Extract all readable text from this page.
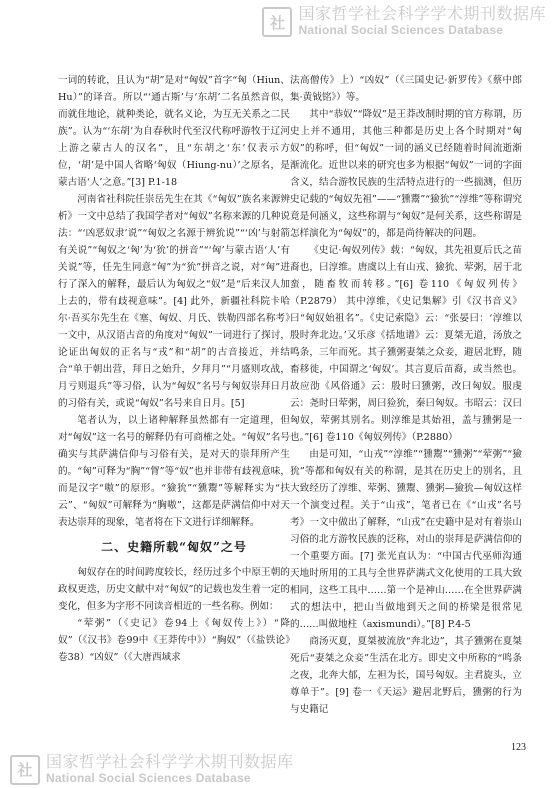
社
国家哲学社会科学学术期刊数据库
National Social Sciences Database

一词的转讹，且认为“胡”是对“匈奴”首字“匈（Hiun、Hu）”的译音。所以“‘通古斯’与‘东胡’二名虽然音似，而就住地论，就种类论，就名义论，为互无关系之二民族”。认为“‘东胡’为自春秋时代至汉代称呼游牧于辽河上游之蒙古人的汉名”，且“东胡之‘东’仅表示方位，‘胡’是中国人省略‘匈奴（Hiung-nu）’之原名，是蒙古语‘人’之意。”[3] P.1-18

河南省社科院任崇岳先生在其《“匈奴”族名来源辨析》一文中总结了我国学者对“匈奴”名称来源的几种说法：“‘凶恶奴隶’说”“匈奴之名源于辨狁说”“‘凶’与射箭有关说”“匈奴之‘匈’为‘狁’的拼音”“‘匈’与蒙古语‘人’有关说”等，任先生同意“匈”为“狁”拼音之说，对“匈”进行了深入的解释，最后认为匈奴之“奴”是“后来汉人加上去的，带有歧视意味”。[4] 此外，新疆社科院卡哈尔·吾买尔先生在《塞、匈奴、月氏、铁勒四部名称考》一文中，从汉语古音的角度对“匈奴”一词进行了探讨，论证出匈奴的正名与“戎”和“胡”的古音接近，并结合“单于朝出营，拜日之始升，夕拜月”“月盛则攻战，月亏则退兵”等习俗，认为“匈奴”名号与匈奴崇拜日月的习俗有关，或说“匈奴”名号来自日月。[5]

笔者认为，以上诸种解释虽然都有一定道理，但对“匈奴”这一名号的解释仍有可商榷之处。“匈奴”名号确实与其萨满信仰与习俗有关，是对天的崇拜所产生的。“匈”可释为“胸”“胷”等“奴”也并非带有歧视意味，而是汉字“嗷”的原形。“獫狁”“獯鬻”等解释实为“扶云”、“匈奴”可解释为“胸嗷”，这都是萨满信仰中对天表达崇拜的现象，笔者将在下文进行详细解释。

二、史籍所载“匈奴”之号

匈奴存在的时间跨度较长，经历过多个中原王朝的政权更迭，历史文献中对“匈奴”的记载也发生着一定的变化，但多为字形不同读音相近的一些名称。例如：

“荤粥”（《史记》卷94上《匈奴传上》）“降奴”（《汉书》卷99中《王莽传中》）“胸奴”（《盐铁论》卷38）“凶奴”（《大唐西域求

法高僧传》上）“凶奴”（《三国史记·新罗传》《蔡中郎集·黄钺铭》）等。

其中“恭奴”“降奴”是王莽改制时期的官方称谓，历史上并不通用，其他三种都是历史上各个时期对“匈奴”的称呼，但“匈奴”一词的涵义已经随着时间流逝渐渐流化。近世以来的研究也多为根据“匈奴”一词的字面含义，结合游牧民族的生活特点进行的一些揣测，但历史记载的“匈奴先祖”——“獯鬻”“獫狁”“淳维”等称谓究竟是何涵义，这些称谓与“匈奴”是何关系，这些称谓是怎样演化为“匈奴”的，都是尚待解决的问题。

《史记·匈奴列传》载：“匈奴，其先祖夏后氏之苗裔也，曰淳维。唐虞以上有山戎、獫狁、荤粥，居于北蛮，随畜牧而转移。”[6] 卷110《匈奴列传》（P.2879） 其中淳维，《史记集解》引《汉书音义》曰“匈奴始祖名”。《史记索隐》云：“张晏曰：‘淳维以殷时奔北边。’又乐彦《括地谱》云：夏桀无道，汤放之鸣条，三年而死。其子獯粥妻桀之众妾，避居北野，随畜移徙，中国谓之‘匈奴’。其言夏后苗裔，或当然也。故应劭《风俗通》云：殷时曰獯粥，改曰匈奴。服虔云：尧时曰荤粥，周曰猃狁，秦曰匈奴。韦昭云：汉曰匈奴，荤粥其别名。则淳维是其始祖，盖与獯粥是一也。”[6] 卷110《匈奴列传》（P.2880）

由是可知，“山戎”“淳维”“獯鬻”“獯粥”“荤粥”“獫狁”等都和匈奴有关的称谓，是其在历史上的别名，且大致经历了淳维、荤粥、獯鬻、獯粥—獫狁—匈奴这样一个演变过程。关于“山戎”，笔者已在《“山戎”名号考》一文中做出了解释，“山戎”在史籍中是对有着崇山习俗的北方游牧民族的泛称，对山的崇拜是萨满信仰的一个重要方面。[7] 张光直认为：“中国古代巫师沟通天地时所用的工具与全世界萨满式文化使用的工具大致相同，这些工具中……第一个是神山……在全世界萨满式的想法中，把山当做地到天之间的桥梁是很常见的……叫做地柱（axismundi）。”[8] P.4-5

商汤灭夏，夏桀被流放“奔北边”，其子獯粥在夏桀死后“妻桀之众妾”生活在北方。即史文中所称的“鸣条之夜，北奔大郁，左袒为长，国号匈奴。主君旋头，立尊单于”。[9] 卷一《天运》避居北野后，獯粥的行为与史籍记

123
社
国家哲学社会科学学术期刊数据库
National Social Sciences Database
